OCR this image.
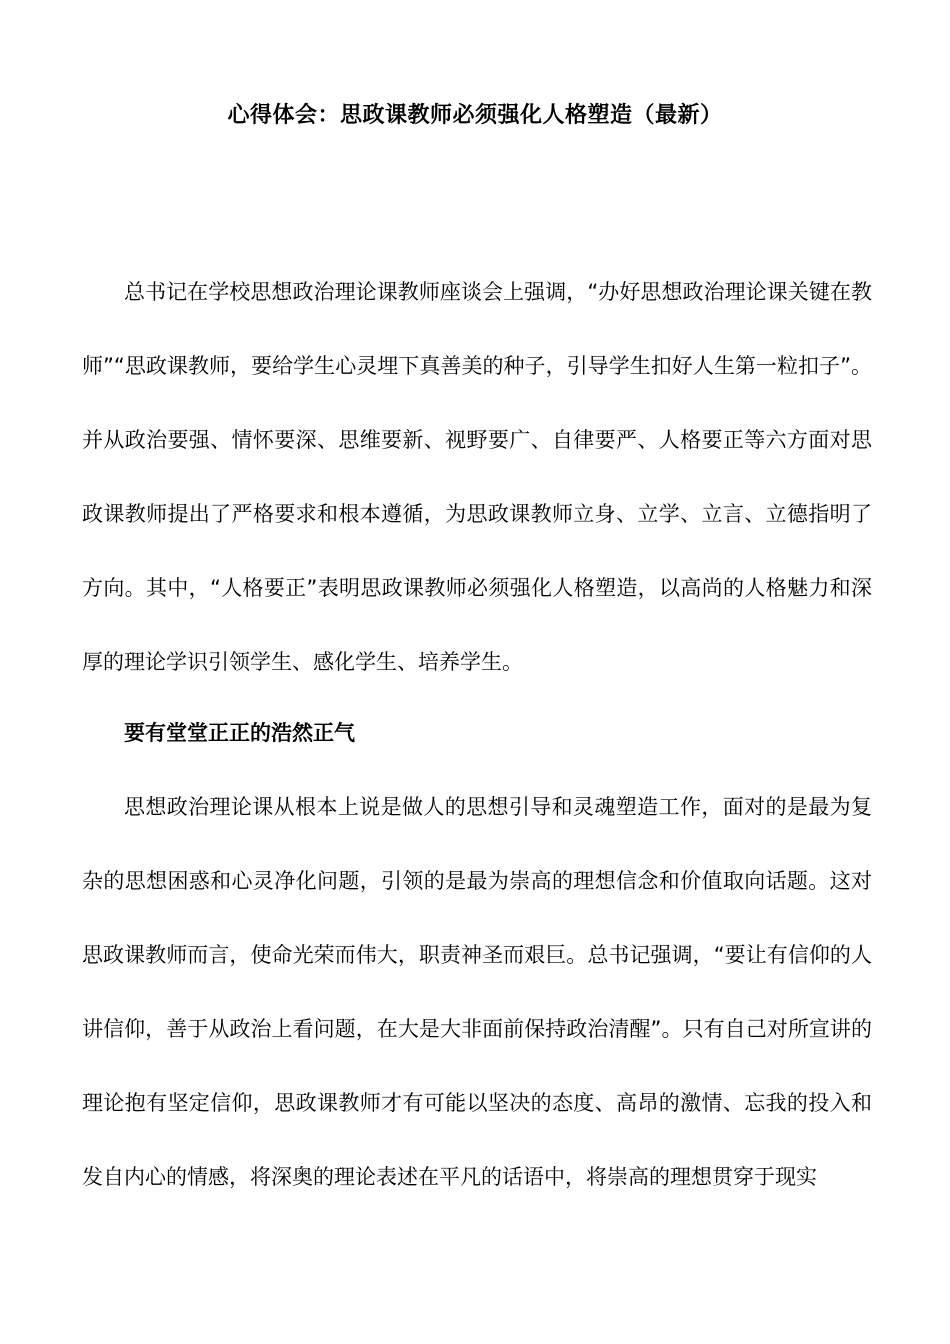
心得体会：思政课教师必须强化人格塑造（最新）

总书记在学校思想政治理论课教师座谈会上强调，“办好思想政治理论课关键在教师”“思政课教师，要给学生心灵埋下真善美的种子，引导学生扣好人生第一粒扣子”。并从政治要强、情怀要深、思维要新、视野要广、自律要严、人格要正等六方面对思政课教师提出了严格要求和根本遵循，为思政课教师立身、立学、立言、立德指明了方向。其中，“人格要正”表明思政课教师必须强化人格塑造，以高尚的人格魅力和深厚的理论学识引领学生、感化学生、培养学生。

要有堂堂正正的浩然正气

思想政治理论课从根本上说是做人的思想引导和灵魂塑造工作，面对的是最为复杂的思想困惑和心灵净化问题，引领的是最为崇高的理想信念和价值取向话题。这对思政课教师而言，使命光荣而伟大，职责神圣而艰巨。总书记强调，“要让有信仰的人讲信仰，善于从政治上看问题，在大是大非面前保持政治清醒”。只有自己对所宣讲的理论抱有坚定信仰，思政课教师才有可能以坚决的态度、高昂的激情、忘我的投入和发自内心的情感，将深奥的理论表述在平凡的话语中，将崇高的理想贯穿于现实
